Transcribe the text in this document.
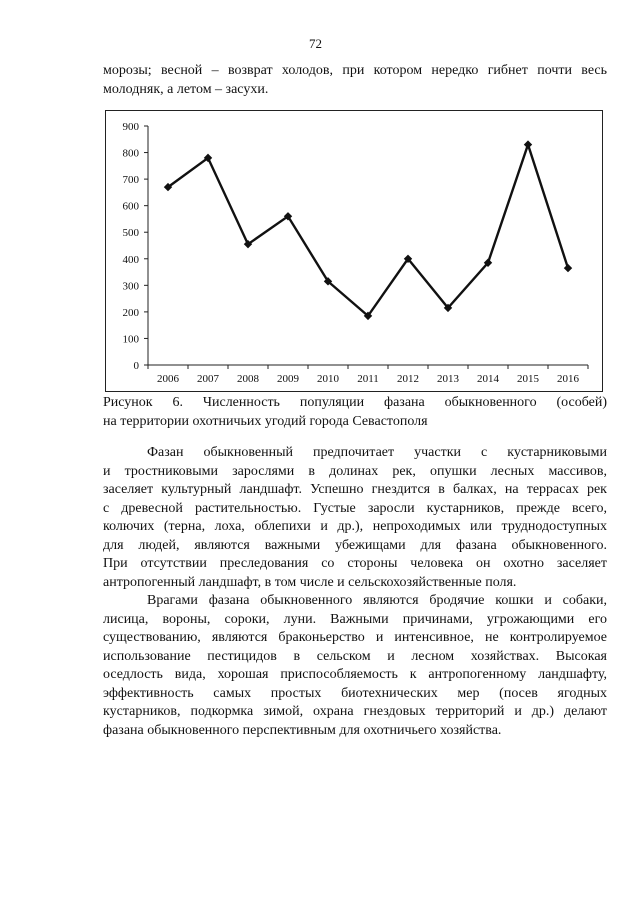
72
морозы; весной – возврат холодов, при котором нередко гибнет почти весь
молодняк, а летом – засухи.
0
100
200
300
400
500
600
700
800
900
2006 2007 2008 2009 2010 2011 2012 2013 2014 2015 2016
Рисунок 6. Численность популяции фазана обыкновенного (особей)
на территории охотничьих угодий города Севастополя
Фазан обыкновенный предпочитает участки с кустарниковыми
и тростниковыми зарослями в долинах рек, опушки лесных массивов,
заселяет культурный ландшафт. Успешно гнездится в балках, на террасах рек
с древесной растительностью. Густые заросли кустарников, прежде всего,
колючих (терна, лоха, облепихи и др.), непроходимых или труднодоступных
для людей, являются важными убежищами для фазана обыкновенного.
При отсутствии преследования со стороны человека он охотно заселяет
антропогенный ландшафт, в том числе и сельскохозяйственные поля.
Врагами фазана обыкновенного являются бродячие кошки и собаки,
лисица, вороны, сороки, луни. Важными причинами, угрожающими его
существованию, являются браконьерство и интенсивное, не контролируемое
использование пестицидов в сельском и лесном хозяйствах. Высокая
оседлость вида, хорошая приспособляемость к антропогенному ландшафту,
эффективность самых простых биотехнических мер (посев ягодных
кустарников, подкормка зимой, охрана гнездовых территорий и др.) делают
фазана обыкновенного перспективным для охотничьего хозяйства.
